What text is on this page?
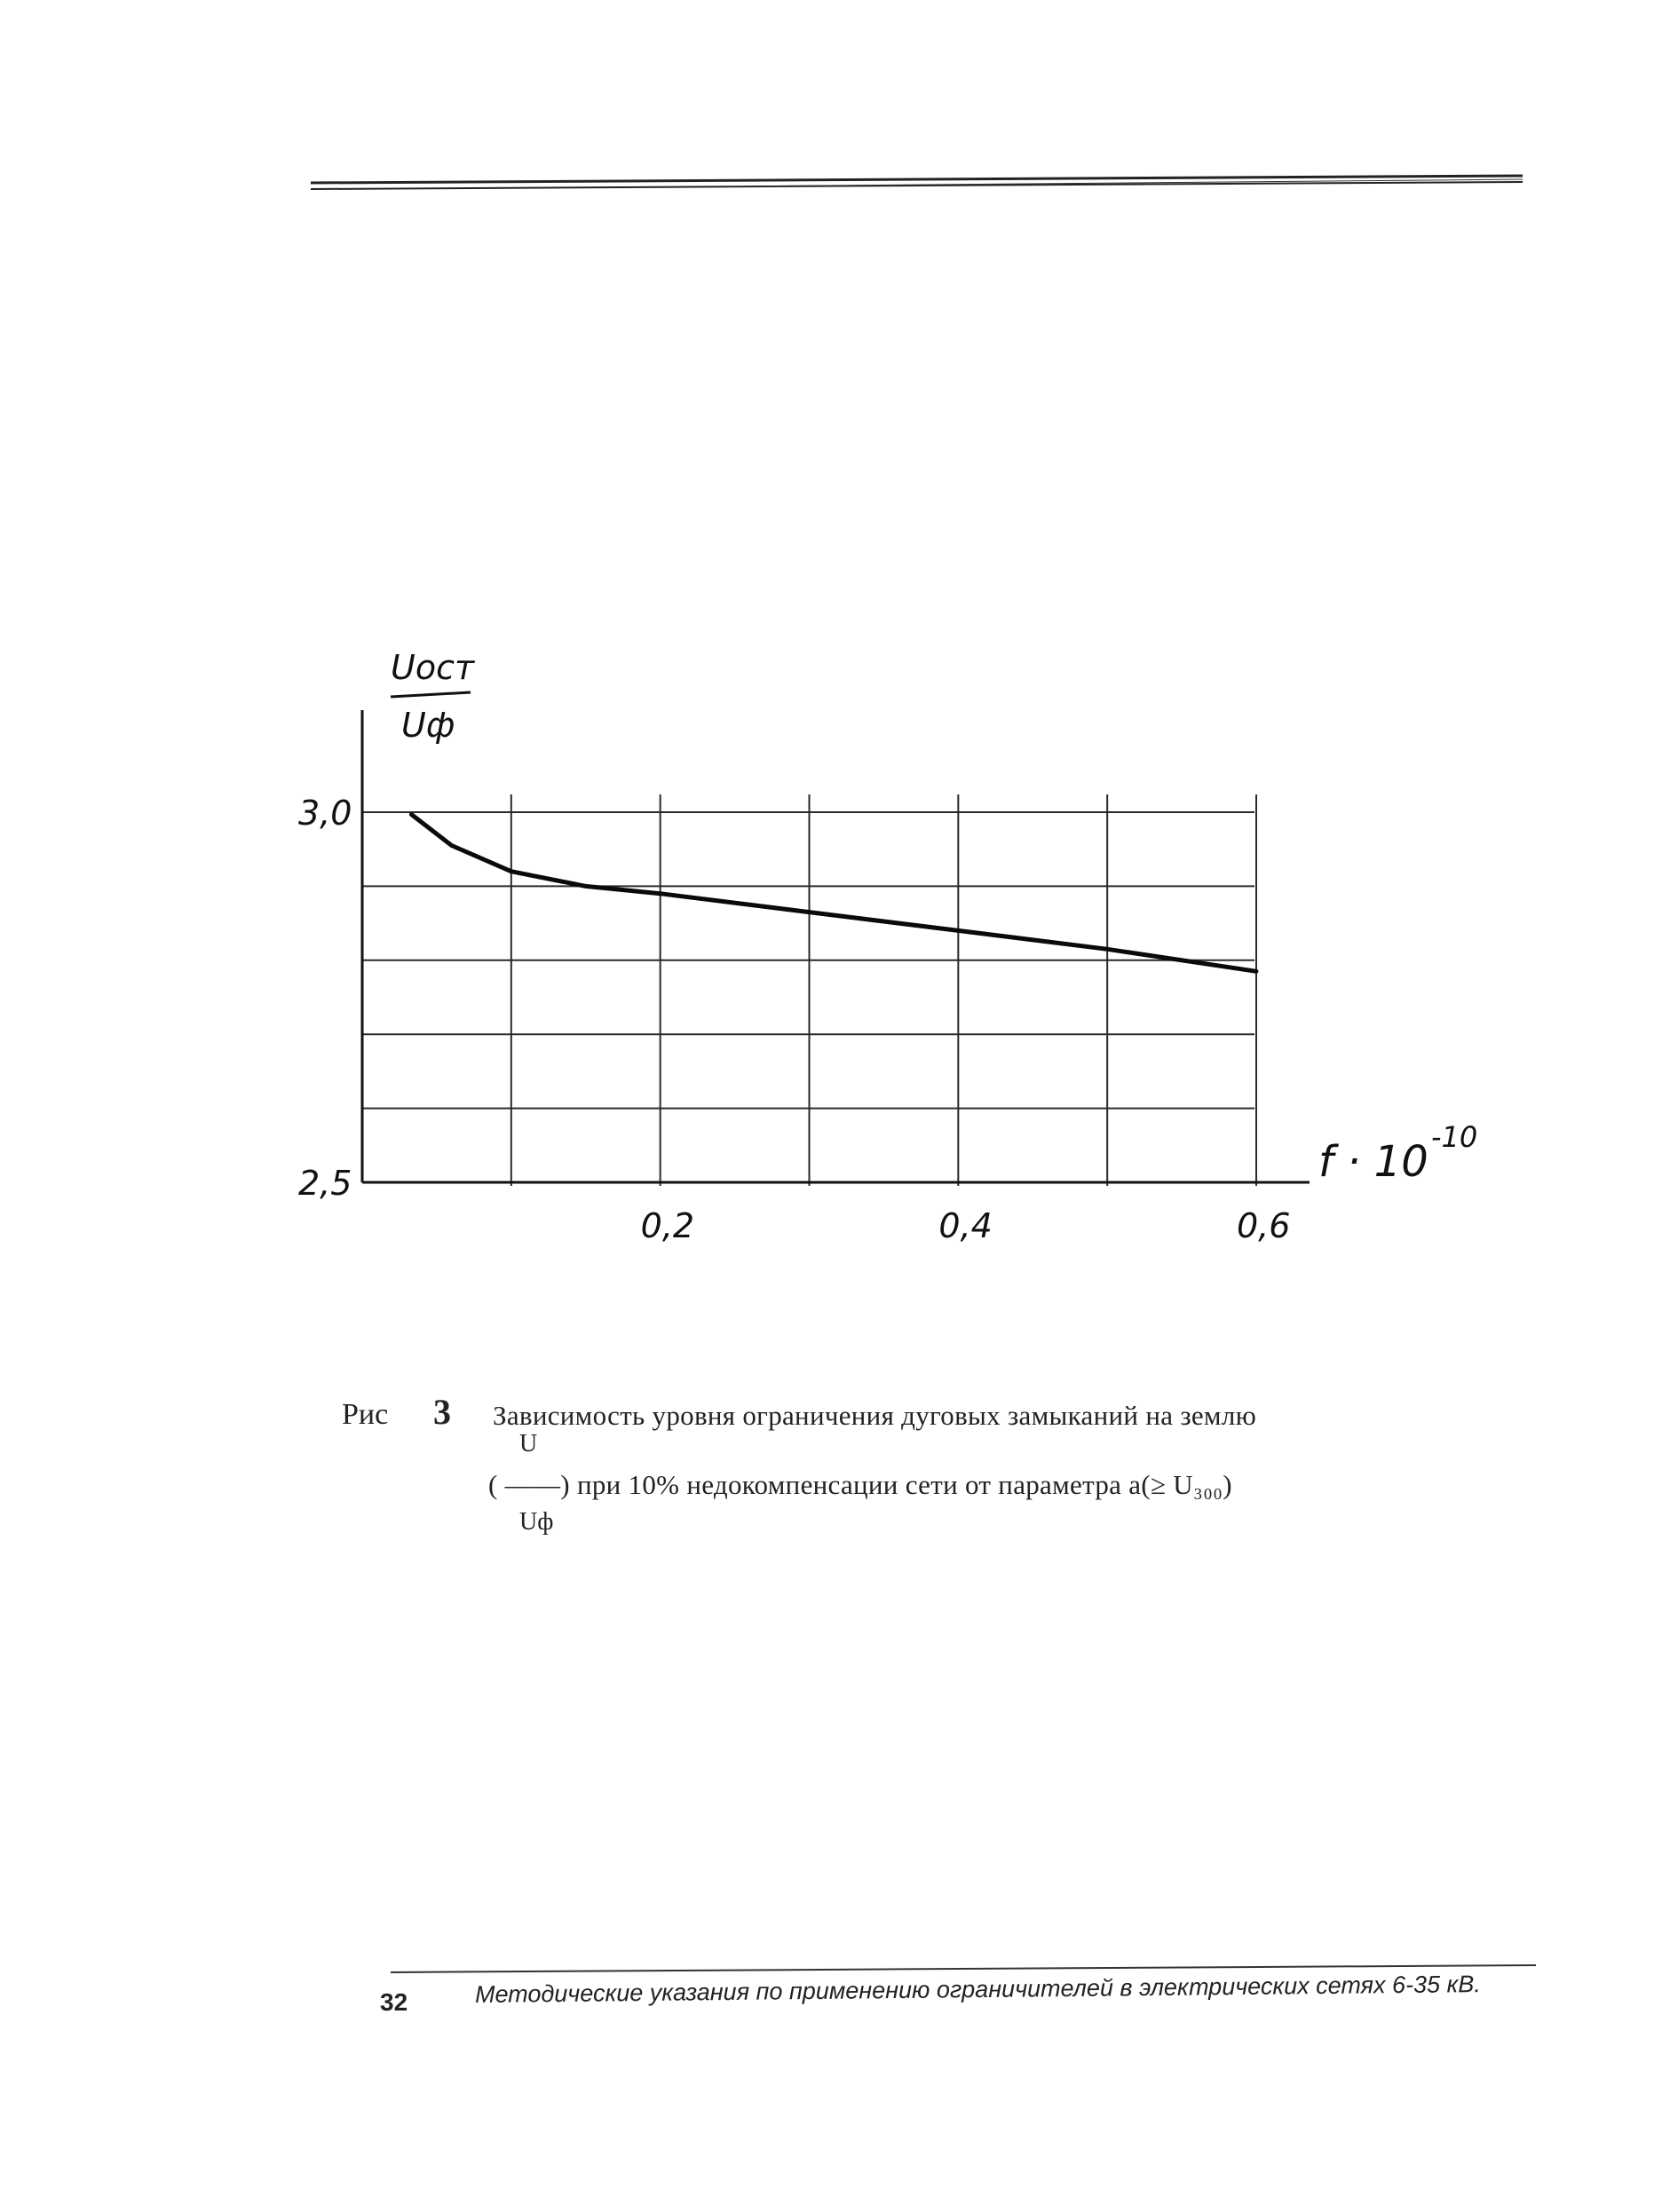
3,0
2,5
0,2	0,4	0,6
Uост
Uф
f · 10 -10
Рис 3 Зависимость уровня ограничения дуговых замыканий на землю
U
( ——) при 10% недокомпенсации сети от параметра a(≥ U₃₀₀)
Uф
32	Методические указания по применению ограничителей в электрических сетях 6-35 кВ.
